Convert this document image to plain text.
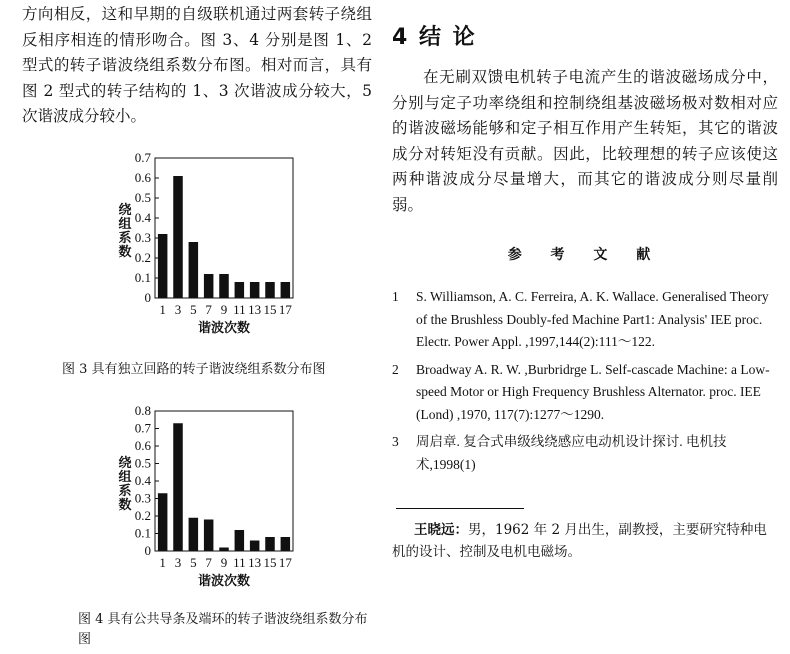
方向相反，这和早期的自级联机通过两套转子绕组反相序相连的情形吻合。图 3、4 分别是图 1、2 型式的转子谐波绕组系数分布图。相对而言，具有图 2 型式的转子结构的 1、3 次谐波成分较大，5 次谐波成分较小。

0
0.1
0.2
0.3
0.4
0.5
0.6
0.7
1 3 5 7 9 11 13 15 17
绕
组
系
数
谐波次数
图 3 具有独立回路的转子谐波绕组系数分布图
0
0.1
0.2
0.3
0.4
0.5
0.6
0.7
0.8
1 3 5 7 9 11 13 15 17
绕
组
系
数
谐波次数
图 4 具有公共导条及端环的转子谐波绕组系数分布图
4 结 论

在无刷双馈电机转子电流产生的谐波磁场成分中，分别与定子功率绕组和控制绕组基波磁场极对数相对应的谐波磁场能够和定子相互作用产生转矩，其它的谐波成分对转矩没有贡献。因此，比较理想的转子应该使这两种谐波成分尽量增大，而其它的谐波成分则尽量削弱。

参 考 文 献
1	S. Williamson, A. C. Ferreira, A. K. Wallace. Generalised Theory of the Brushless Doubly-fed Machine Part1: Analysis' IEE proc. Electr. Power Appl. ,1997,144(2):111～122.
2	Broadway A. R. W. ,Burbridrge L. Self-cascade Machine: a Low-speed Motor or High Frequency Brushless Alternator. proc. IEE (Lond) ,1970, 117(7):1277～1290.
3	周启章. 复合式串级线绕感应电动机设计探讨. 电机技术,1998(1)

王晓远：男，1962 年 2 月出生，副教授，主要研究特种电机的设计、控制及电机电磁场。
